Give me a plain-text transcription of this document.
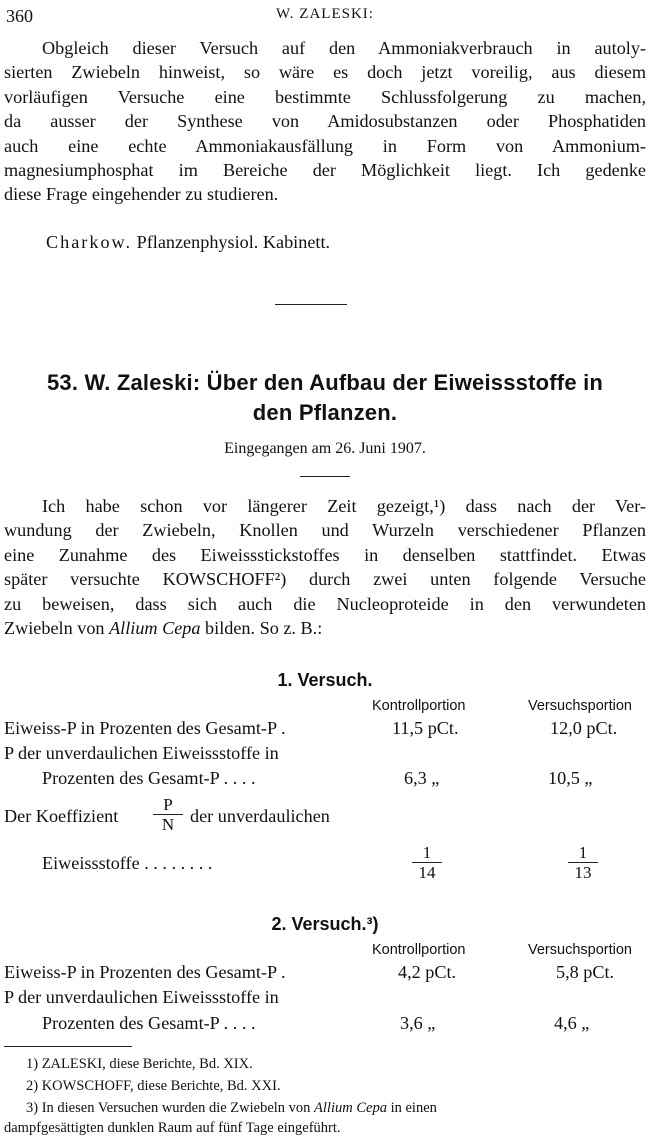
360	W. ZALESKI:
Obgleich dieser Versuch auf den Ammoniakverbrauch in autoly-
sierten Zwiebeln hinweist, so wäre es doch jetzt voreilig, aus diesem
vorläufigen Versuche eine bestimmte Schlussfolgerung zu machen,
da ausser der Synthese von Amidosubstanzen oder Phosphatiden
auch eine echte Ammoniakausfällung in Form von Ammonium-
magnesiumphosphat im Bereiche der Möglichkeit liegt. Ich gedenke
diese Frage eingehender zu studieren.
Charkow. Pflanzenphysiol. Kabinett.
53. W. Zaleski: Über den Aufbau der Eiweissstoffe in
den Pflanzen.
Eingegangen am 26. Juni 1907.
Ich habe schon vor längerer Zeit gezeigt,¹) dass nach der Ver-
wundung der Zwiebeln, Knollen und Wurzeln verschiedener Pflanzen
eine Zunahme des Eiweissstickstoffes in denselben stattfindet. Etwas
später versuchte KOWSCHOFF²) durch zwei unten folgende Versuche
zu beweisen, dass sich auch die Nucleoproteide in den verwundeten
Zwiebeln von Allium Cepa bilden. So z. B.:
1. Versuch.
Kontrollportion	Versuchsportion
Eiweiss-P in Prozenten des Gesamt-P .	11,5 pCt.	12,0 pCt.
P der unverdaulichen Eiweissstoffe in
Prozenten des Gesamt-P . . . .	6,3 „	10,5 „
Der Koeffizient $\frac{P}{N}$ der unverdaulichen
Eiweissstoffe . . . . . . . .	$\frac{1}{14}$	$\frac{1}{13}$
2. Versuch.³)
Kontrollportion	Versuchsportion
Eiweiss-P in Prozenten des Gesamt-P .	4,2 pCt.	5,8 pCt.
P der unverdaulichen Eiweissstoffe in
Prozenten des Gesamt-P . . . .	3,6 „	4,6 „
1) ZALESKI, diese Berichte, Bd. XIX.
2) KOWSCHOFF, diese Berichte, Bd. XXI.
3) In diesen Versuchen wurden die Zwiebeln von Allium Cepa in einen
dampfgesättigten dunklen Raum auf fünf Tage eingeführt.
